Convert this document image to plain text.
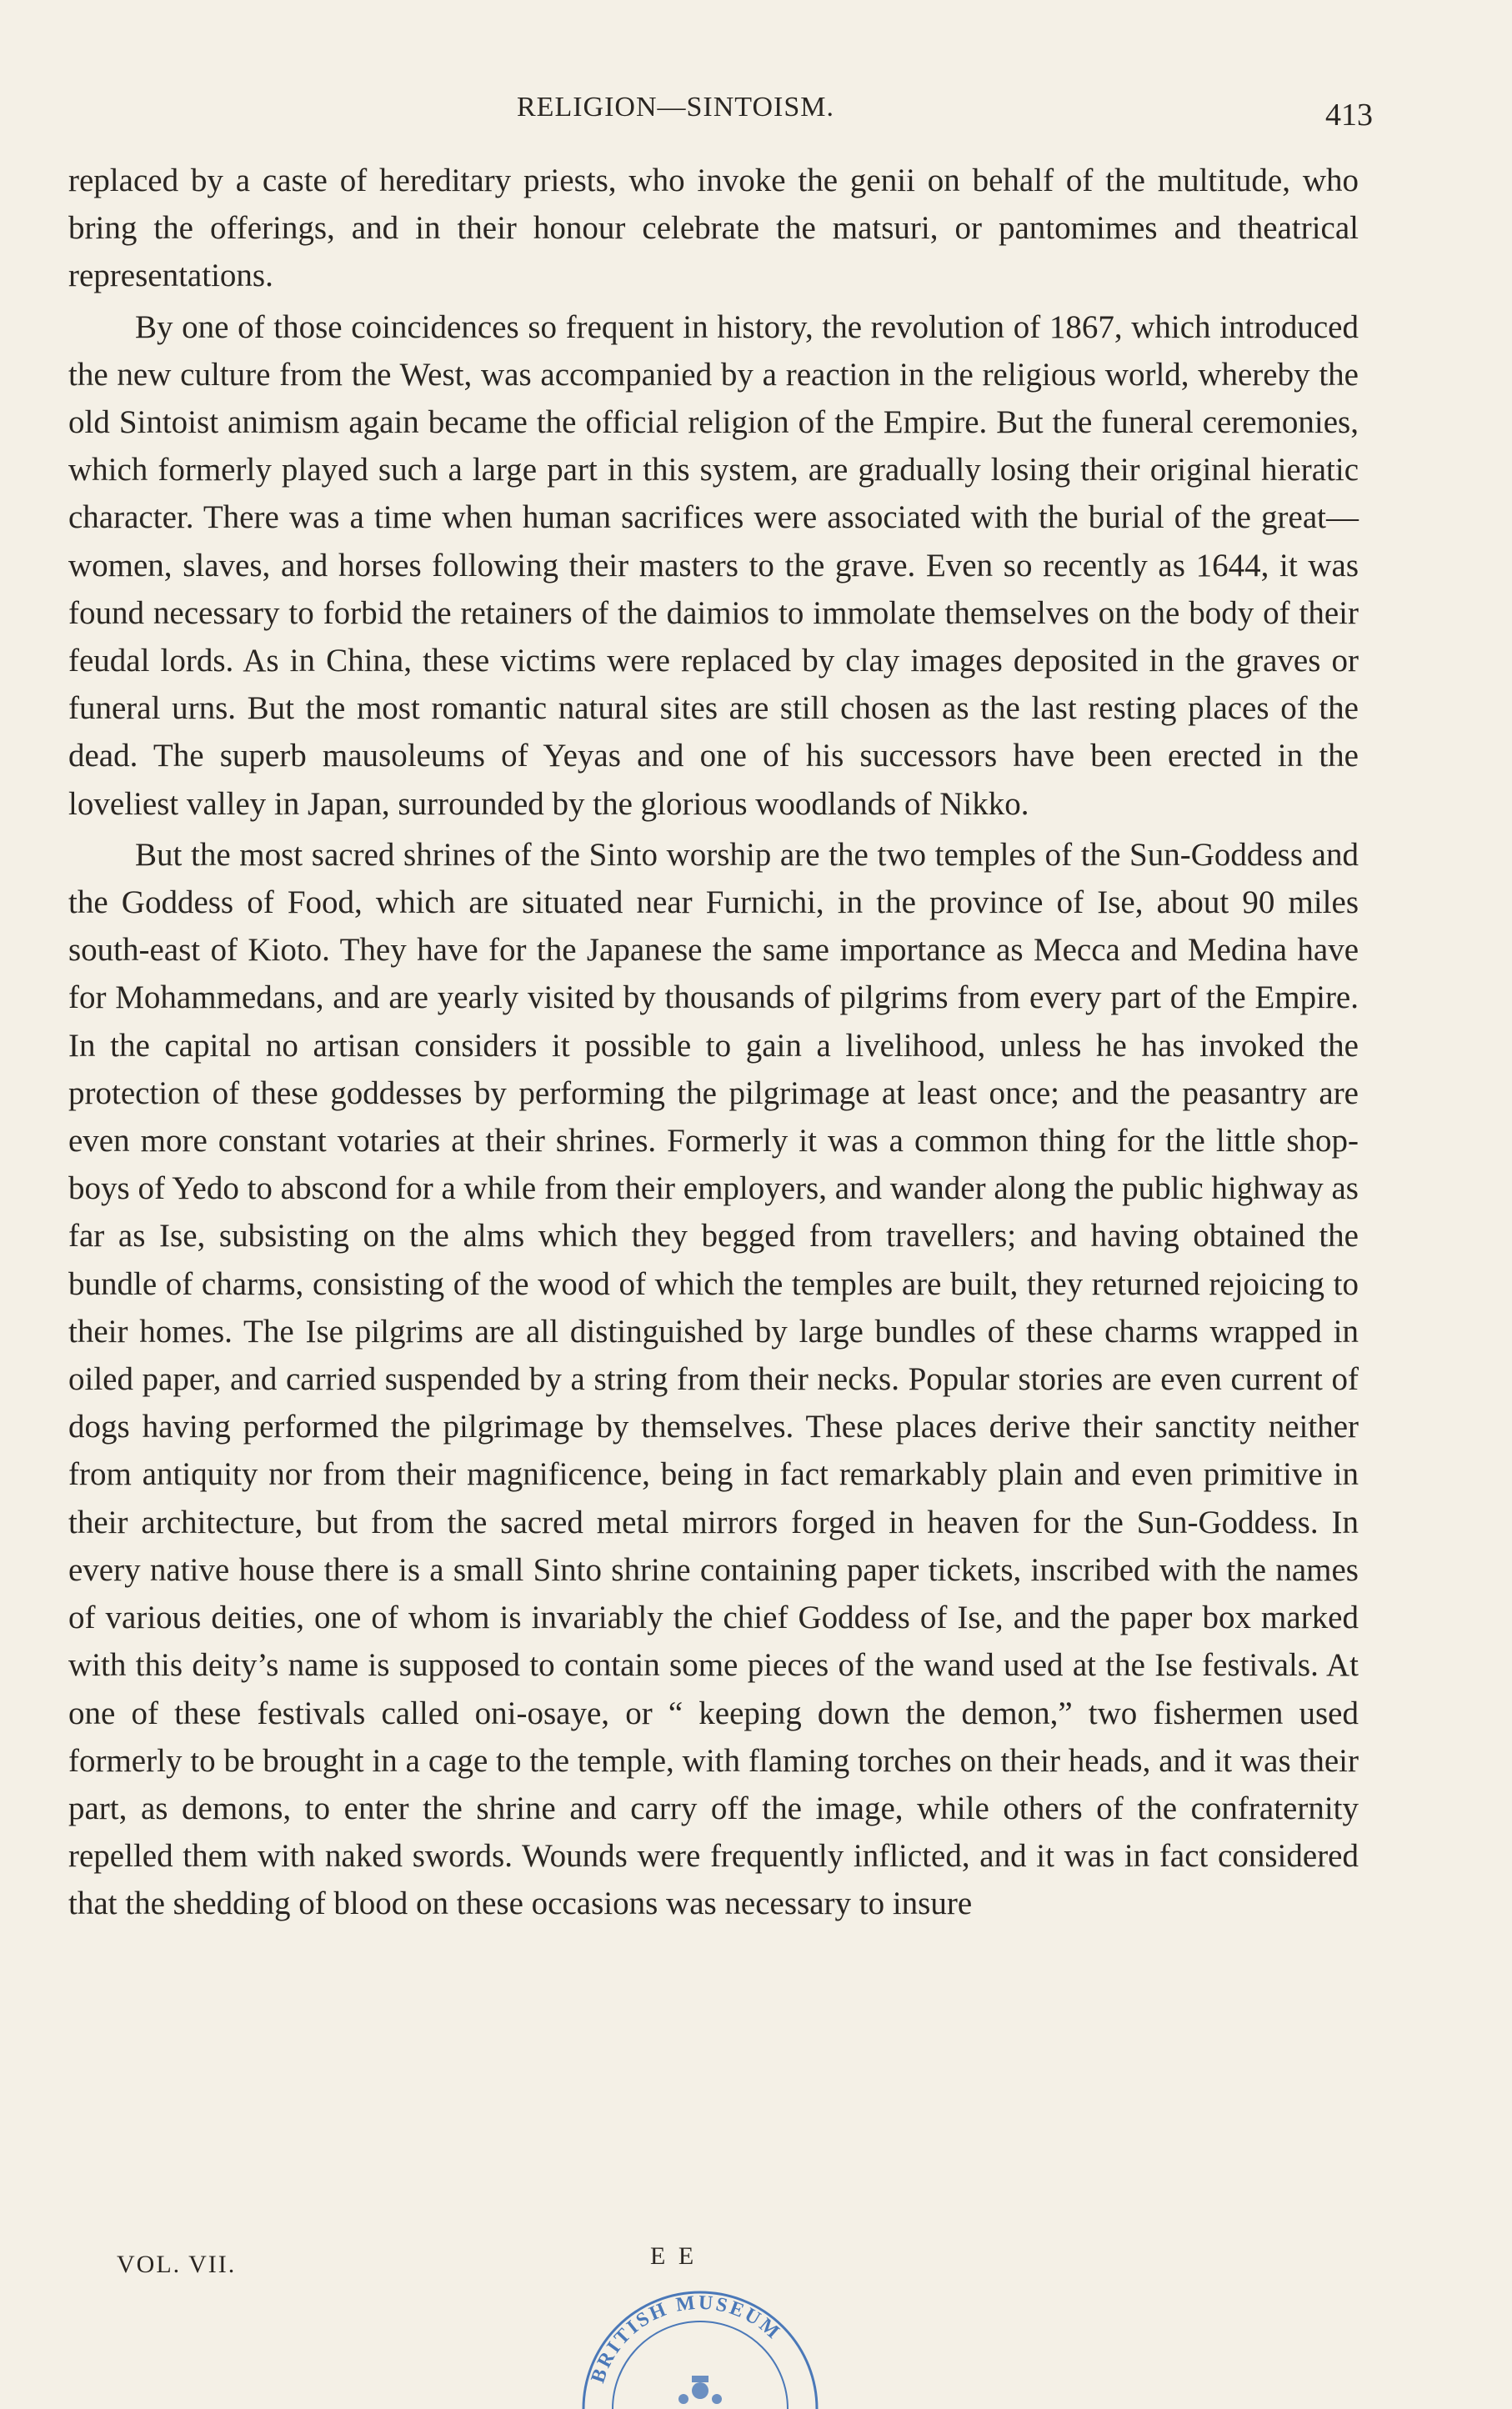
RELIGION—SINTOISM.	413

replaced by a caste of hereditary priests, who invoke the genii on behalf of the multitude, who bring the offerings, and in their honour celebrate the matsuri, or pantomimes and theatrical representations.

By one of those coincidences so frequent in history, the revolution of 1867, which introduced the new culture from the West, was accompanied by a reaction in the religious world, whereby the old Sintoist animism again became the official religion of the Empire. But the funeral ceremonies, which formerly played such a large part in this system, are gradually losing their original hieratic character. There was a time when human sacrifices were associated with the burial of the great—women, slaves, and horses following their masters to the grave. Even so recently as 1644, it was found necessary to forbid the retainers of the daimios to immolate themselves on the body of their feudal lords. As in China, these victims were replaced by clay images deposited in the graves or funeral urns. But the most romantic natural sites are still chosen as the last resting places of the dead. The superb mausoleums of Yeyas and one of his successors have been erected in the loveliest valley in Japan, surrounded by the glorious woodlands of Nikko.

But the most sacred shrines of the Sinto worship are the two temples of the Sun-Goddess and the Goddess of Food, which are situated near Furnichi, in the province of Ise, about 90 miles south-east of Kioto. They have for the Japanese the same importance as Mecca and Medina have for Mohammedans, and are yearly visited by thousands of pilgrims from every part of the Empire. In the capital no artisan considers it possible to gain a livelihood, unless he has invoked the protection of these goddesses by performing the pilgrimage at least once; and the peasantry are even more constant votaries at their shrines. Formerly it was a common thing for the little shop-boys of Yedo to abscond for a while from their employers, and wander along the public highway as far as Ise, subsisting on the alms which they begged from travellers; and having obtained the bundle of charms, consisting of the wood of which the temples are built, they returned rejoicing to their homes. The Ise pilgrims are all distinguished by large bundles of these charms wrapped in oiled paper, and carried suspended by a string from their necks. Popular stories are even current of dogs having performed the pilgrimage by themselves. These places derive their sanctity neither from antiquity nor from their magnificence, being in fact remarkably plain and even primitive in their architecture, but from the sacred metal mirrors forged in heaven for the Sun-Goddess. In every native house there is a small Sinto shrine containing paper tickets, inscribed with the names of various deities, one of whom is invariably the chief Goddess of Ise, and the paper box marked with this deity’s name is supposed to contain some pieces of the wand used at the Ise festivals. At one of these festivals called oni-osaye, or “ keeping down the demon,” two fishermen used formerly to be brought in a cage to the temple, with flaming torches on their heads, and it was their part, as demons, to enter the shrine and carry off the image, while others of the confraternity repelled them with naked swords. Wounds were frequently inflicted, and it was in fact considered that the shedding of blood on these occasions was necessary to insure

VOL. VII.	E E
BRITISH MUSEUM
